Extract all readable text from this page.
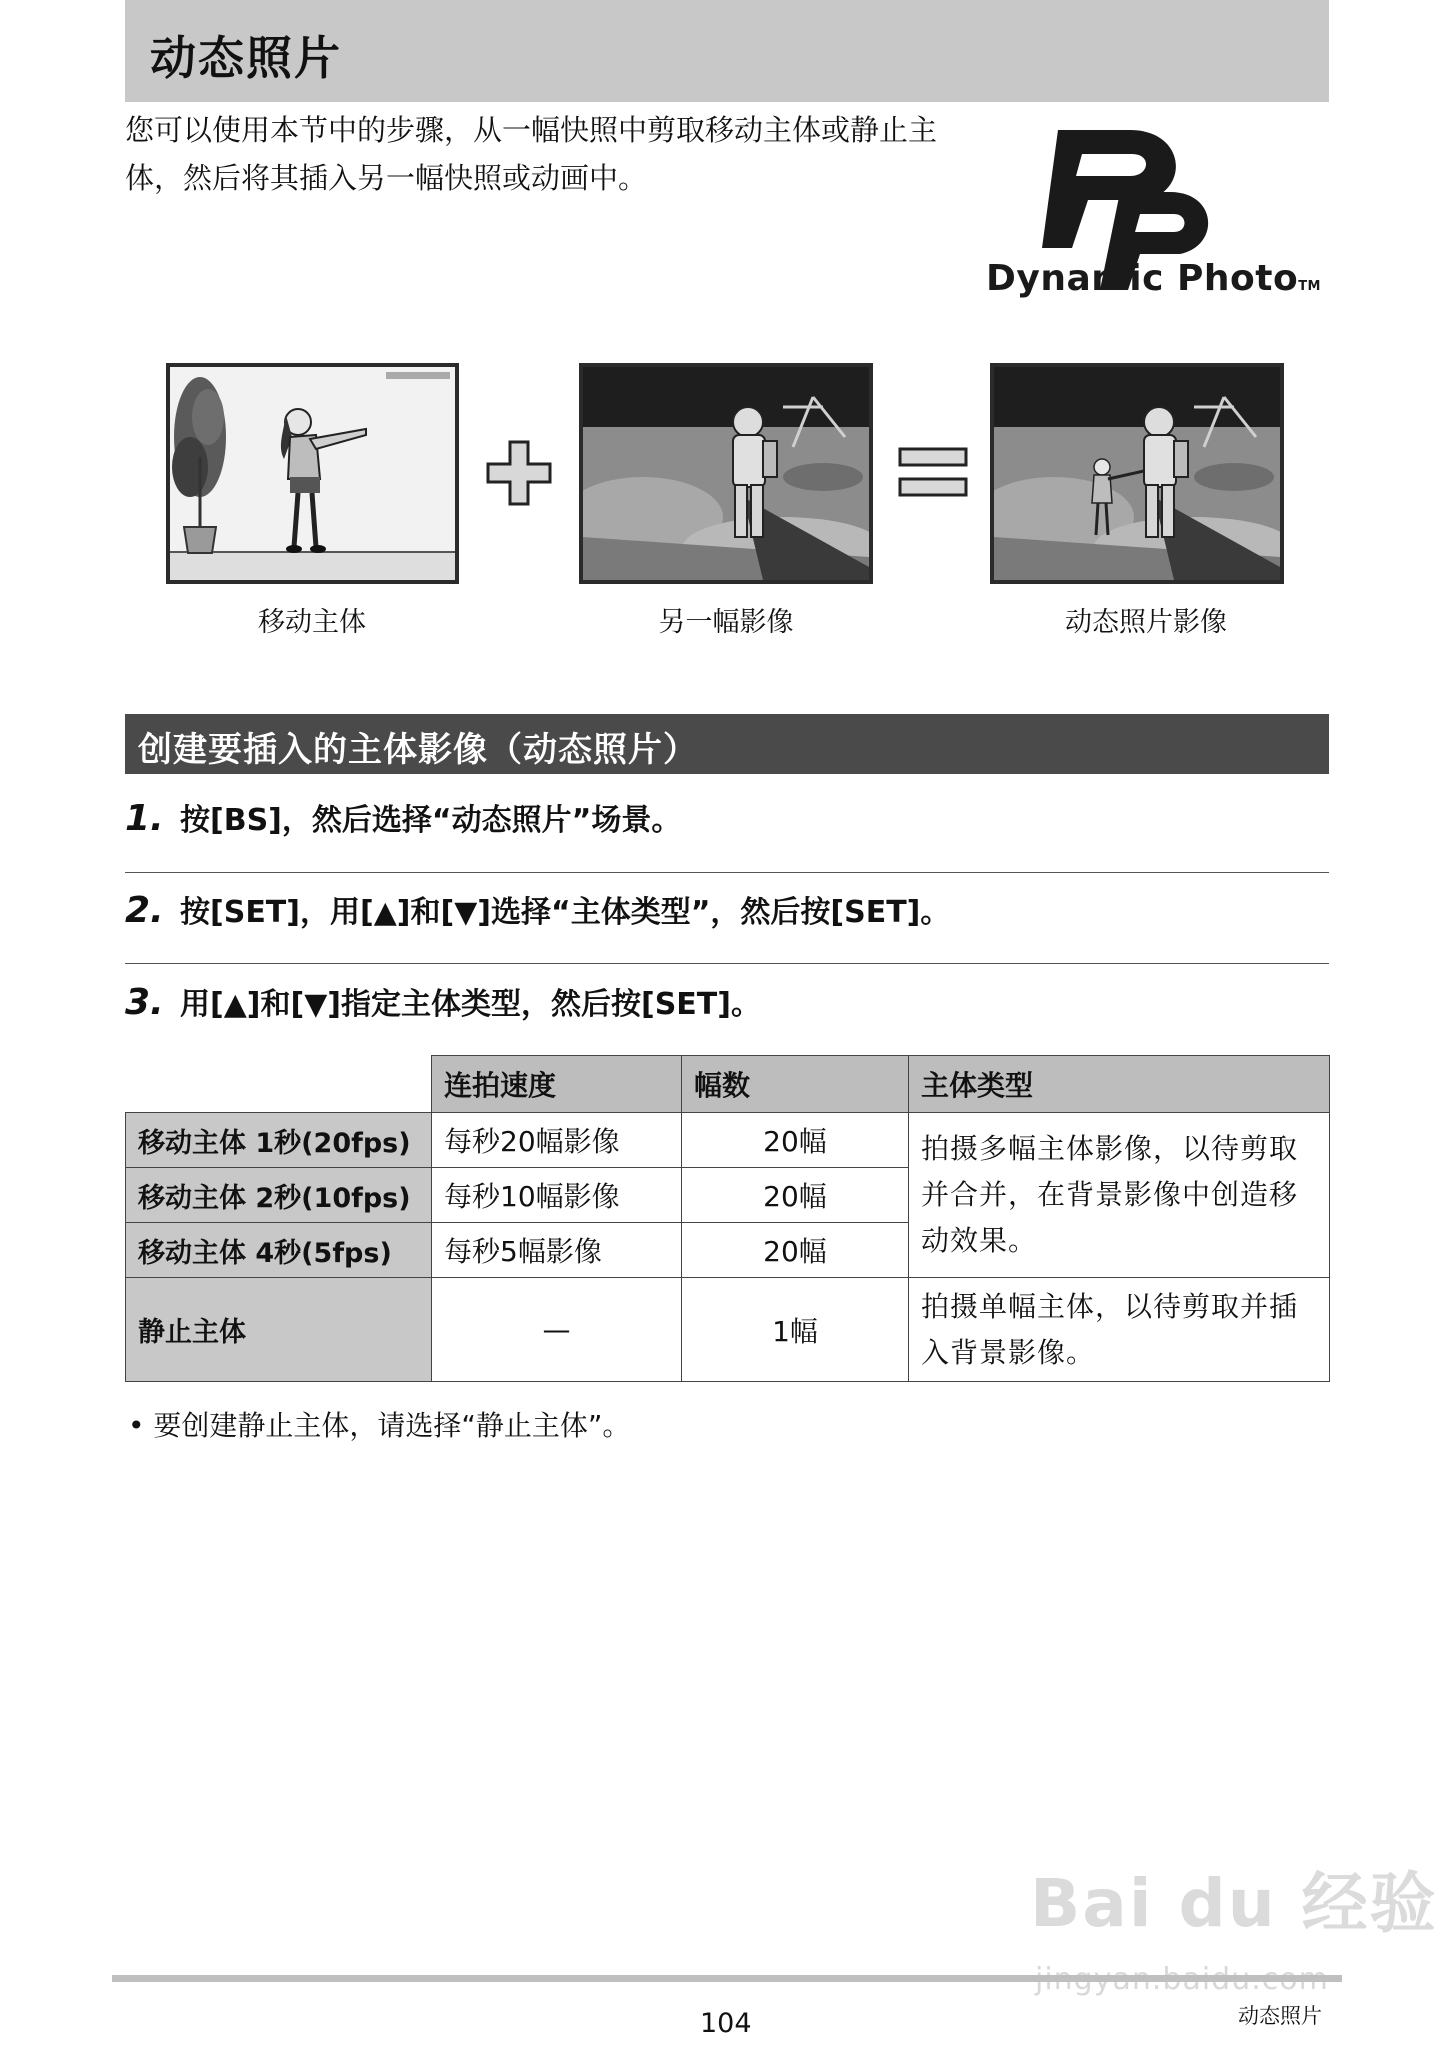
动态照片
您可以使用本节中的步骤，从一幅快照中剪取移动主体或静止主体，然后将其插入另一幅快照或动画中。
Dynamic PhotoTM
移动主体	另一幅影像	动态照片影像
创建要插入的主体影像（动态照片）
1. 按[BS]，然后选择“动态照片”场景。
2. 按[SET]，用[▲]和[▼]选择“主体类型”，然后按[SET]。
3. 用[▲]和[▼]指定主体类型，然后按[SET]。
	连拍速度	幅数	主体类型
移动主体 1秒(20fps)	每秒20幅影像	20幅	拍摄多幅主体影像，以待剪取并合并，在背景影像中创造移动效果。
移动主体 2秒(10fps)	每秒10幅影像	20幅	
移动主体 4秒(5fps)	每秒5幅影像	20幅	
静止主体	—	1幅	拍摄单幅主体，以待剪取并插入背景影像。
• 要创建静止主体，请选择“静止主体”。
Bai du 经验
104	动态照片
